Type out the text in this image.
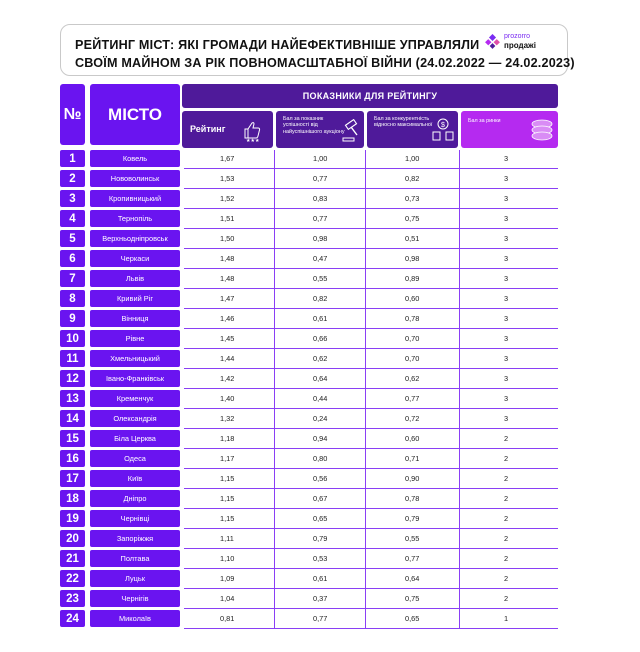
РЕЙТИНГ МІСТ: ЯКІ ГРОМАДИ НАЙЕФЕКТИВНІШЕ УПРАВЛЯЛИ
СВОЇМ МАЙНОМ ЗА РІК ПОВНОМАСШТАБНОЇ ВІЙНИ (24.02.2022 — 24.02.2023)
prozorro
продажі
№	МІСТО
ПОКАЗНИКИ ДЛЯ РЕЙТИНГУ
Рейтинг
★★★
Бал за показник успішності від найуспішнішого аукціону
Бал за конкурентність відносно максимальної	$
Бал за ринки
1	Ковель	1,67	1,00	1,00	3
2	Нововолинськ	1,53	0,77	0,82	3
3	Кропивницький	1,52	0,83	0,73	3
4	Тернопіль	1,51	0,77	0,75	3
5	Верхньодніпровськ	1,50	0,98	0,51	3
6	Черкаси	1,48	0,47	0,98	3
7	Львів	1,48	0,55	0,89	3
8	Кривий Ріг	1,47	0,82	0,60	3
9	Вінниця	1,46	0,61	0,78	3
10	Рівне	1,45	0,66	0,70	3
11	Хмельницький	1,44	0,62	0,70	3
12	Івано-Франківськ	1,42	0,64	0,62	3
13	Кременчук	1,40	0,44	0,77	3
14	Олександрія	1,32	0,24	0,72	3
15	Біла Церква	1,18	0,94	0,60	2
16	Одеса	1,17	0,80	0,71	2
17	Київ	1,15	0,56	0,90	2
18	Дніпро	1,15	0,67	0,78	2
19	Чернівці	1,15	0,65	0,79	2
20	Запоріжжя	1,11	0,79	0,55	2
21	Полтава	1,10	0,53	0,77	2
22	Луцьк	1,09	0,61	0,64	2
23	Чернігів	1,04	0,37	0,75	2
24	Миколаїв	0,81	0,77	0,65	1
